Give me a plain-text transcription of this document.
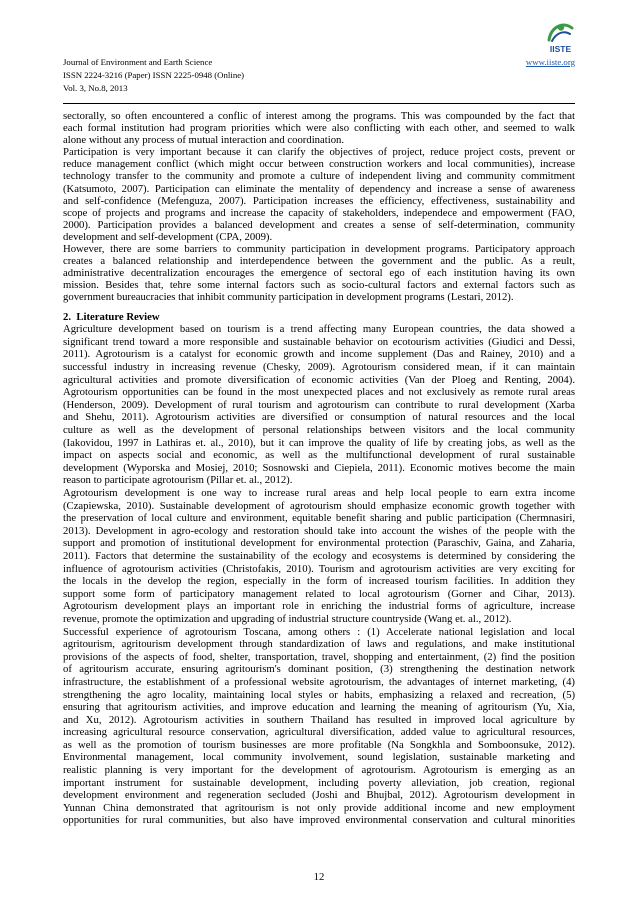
Journal of Environment and Earth Science
ISSN 2224-3216 (Paper) ISSN 2225-0948 (Online)
Vol. 3, No.8, 2013
IISTE
www.iiste.org
sectorally, so often encountered a conflic of interest among the programs. This was compounded by the fact that
each formal institution had program priorities which were also conflicting with each other, and seemed to walk
alone without any process of mutual interaction and coordination.
Participation is very important because it can clarify the objectives of project, reduce project costs, prevent or
reduce management conflict (which might occur between construction workers and local communities), increase
technology transfer to the community and promote a culture of independent living and community commitment
(Katsumoto, 2007). Participation can eliminate the mentality of dependency and increase a sense of awareness
and self-confidence (Mefenguza, 2007). Participation increases the efficiency, effectiveness, sustainability and
scope of projects and programs and increase the capacity of stakeholders, independece and empowerment (FAO,
2000). Participation provides a balanced development and creates a sense of self-determination, community
development and self-development (CPA, 2009).
However, there are some barriers to community participation in development programs. Participatory approach
creates a balanced relationship and interdependence between the government and the public. As a reult,
administrative decentralization encourages the emergence of sectoral ego of each institution having its own
mission. Besides that, tehre some internal factors such as socio-cultural factors and external factors such as
government bureaucracies that inhibit community participation in development programs (Lestari, 2012).
2.  Literature Review
Agriculture development based on tourism is a trend affecting many European countries, the data showed a
significant trend toward a more responsible and sustainable behavior on ecotourism activities (Giudici and Dessi,
2011). Agrotourism is a catalyst for economic growth and income supplement (Das and Rainey, 2010) and a
successful industry in increasing revenue (Chesky, 2009). Agrotourism considered mean, if it can maintain
agricultural activities and promote diversification of economic activities (Van der Ploeg and Renting, 2004).
Agrotourism opportunities can be found in the most unexpected places and not exclusively as remote rural areas
(Henderson, 2009). Development of rural tourism and agrotourism can contribute to rural development (Xarba
and Shehu, 2011). Agrotourism activities are diversified or consumption of natural resources and the local
culture as well as the development of personal relationships between visitors and the local community
(Iakovidou, 1997 in Lathiras et. al., 2010), but it can improve the quality of life by creating jobs, as well as the
impact on aspects social and economic, as well as the multifunctional development of rural sustainable
development (Wyporska and Mosiej, 2010; Sosnowski and Ciepiela, 2011). Economic motives become the main
reason to participate agrotourism (Pillar et. al., 2012).
Agrotourism development is one way to increase rural areas and help local people to earn extra income
(Czapiewska, 2010). Sustainable development of agrotourism should emphasize economic growth together with
the preservation of local culture and environment, equitable benefit sharing and public participation (Chermnasiri,
2013). Development in agro-ecology and restoration should take into account the wishes of the people with the
support and promotion of institutional development for environmental protection (Paraschiv, Gaina, and Zaharia,
2011). Factors that determine the sustainability of the ecology and ecosystems is determined by considering the
influence of agrotourism activities (Christofakis, 2010). Tourism and agrotourism activities are very exciting for
the locals in the develop the region, especially in the form of increased tourism facilities. In addition they
support some form of participatory management related to local agrotourism (Gorner and Cihar, 2013).
Agrotourism development plays an important role in enriching the industrial forms of agriculture, increase
revenue, promote the optimization and upgrading of industrial structure countryside (Wang et. al., 2012).
Successful experience of agrotourism Toscana, among others : (1) Accelerate national legislation and local
agritourism, agritourism development through standardization of laws and regulations, and make institutional
provisions of the aspects of food, shelter, transportation, travel, shopping and entertainment, (2) find the position
of agritourism accurate, ensuring agritourism's dominant position, (3) strengthening the destination network
infrastructure, the establishment of a professional website agrotourism, the advantages of internet marketing, (4)
strengthening the agro locality, maintaining local styles or habits, emphasizing a relaxed and recreation, (5)
ensuring that agritourism activities, and improve education and learning the meaning of agritourism (Yu, Xia,
and Xu, 2012). Agrotourism activities in southern Thailand has resulted in improved local agriculture by
increasing agricultural resource conservation, agricultural diversification, added value to agricultural resources,
as well as the promotion of tourism businesses are more profitable (Na Songkhla and Somboonsuke, 2012).
Environmental management, local community involvement, sound legislation, sustainable marketing and
realistic planning is very important for the development of agrotourism. Agrotourism is emerging as an
important instrument for sustainable development, including poverty alleviation, job creation, regional
development environment and regeneration secluded (Joshi and Bhujbal, 2012). Agrotourism development in
Yunnan China demonstrated that agritourism is not only provide additional income and new employment
opportunities for rural communities, but also have improved environmental conservation and cultural minorities
12
